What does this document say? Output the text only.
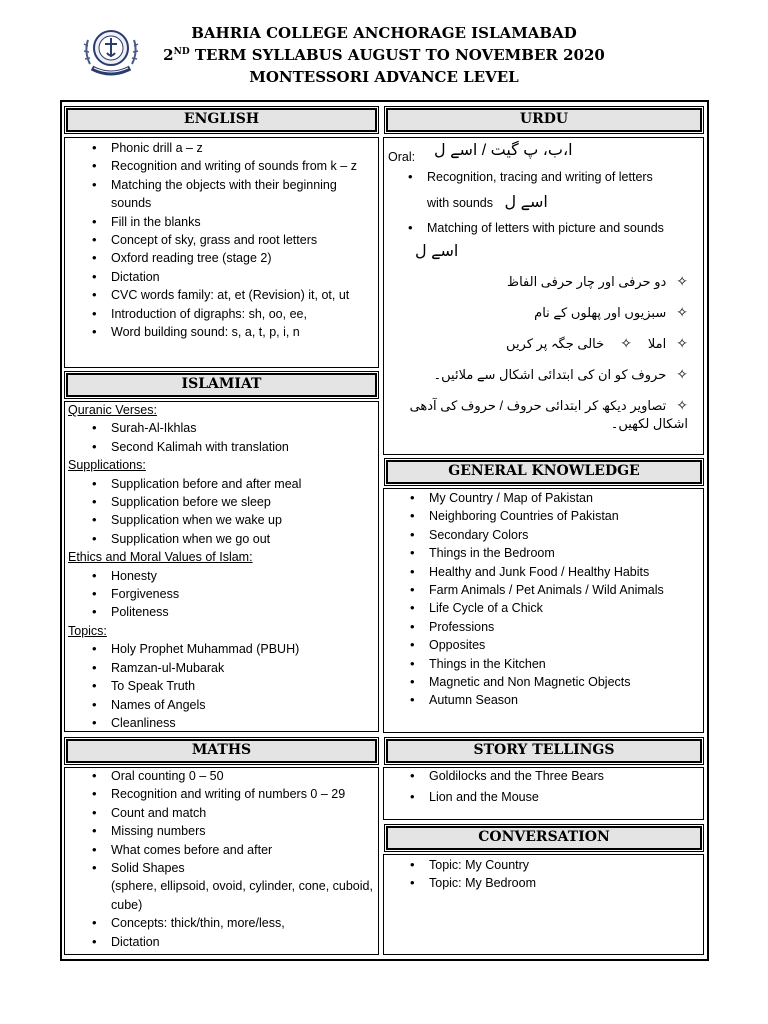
BAHRIA COLLEGE ANCHORAGE ISLAMABAD
2ND TERM SYLLABUS AUGUST TO NOVEMBER 2020
MONTESSORI ADVANCE LEVEL
ENGLISH
• Phonic drill a – z
• Recognition and writing of sounds from k – z
• Matching the objects with their beginning sounds
• Fill in the blanks
• Concept of sky, grass and root letters
• Oxford reading tree (stage 2)
• Dictation
• CVC words family: at, et (Revision) it, ot, ut
• Introduction of digraphs: sh, oo, ee,
• Word building sound: s, a, t, p, i, n
URDU
Oral: ا،ب، پ گیت / اسے ل
• Recognition, tracing and writing of letters
with sounds اسے ل
• Matching of letters with picture and sounds
اسے ل
✧دو حرفی اور چار حرفی الفاظ
✧سبزیوں اور پھلوں کے نام
✧املا✧خالی جگہ پر کریں
✧حروف کو ان کی ابتدائی اشکال سے ملائیں۔
✧تصاویر دیکھ کر ابتدائی حروف / حروف کی آدھی اشکال لکھیں۔
ISLAMIAT
Quranic Verses:
• Surah-Al-Ikhlas
• Second Kalimah with translation
Supplications:
• Supplication before and after meal
• Supplication before we sleep
• Supplication when we wake up
• Supplication when we go out
Ethics and Moral Values of Islam:
• Honesty
• Forgiveness
• Politeness
Topics:
• Holy Prophet Muhammad (PBUH)
• Ramzan-ul-Mubarak
• To Speak Truth
• Names of Angels
• Cleanliness
GENERAL KNOWLEDGE
• My Country / Map of Pakistan
• Neighboring Countries of Pakistan
• Secondary Colors
• Things in the Bedroom
• Healthy and Junk Food / Healthy Habits
• Farm Animals / Pet Animals / Wild Animals
• Life Cycle of a Chick
• Professions
• Opposites
• Things in the Kitchen
• Magnetic and Non Magnetic Objects
• Autumn Season
MATHS
• Oral counting 0 – 50
• Recognition and writing of numbers 0 – 29
• Count and match
• Missing numbers
• What comes before and after
• Solid Shapes
(sphere, ellipsoid, ovoid, cylinder, cone, cuboid, cube)
• Concepts: thick/thin, more/less,
• Dictation
STORY TELLINGS
• Goldilocks and the Three Bears
• Lion and the Mouse
CONVERSATION
• Topic: My Country
• Topic: My Bedroom
